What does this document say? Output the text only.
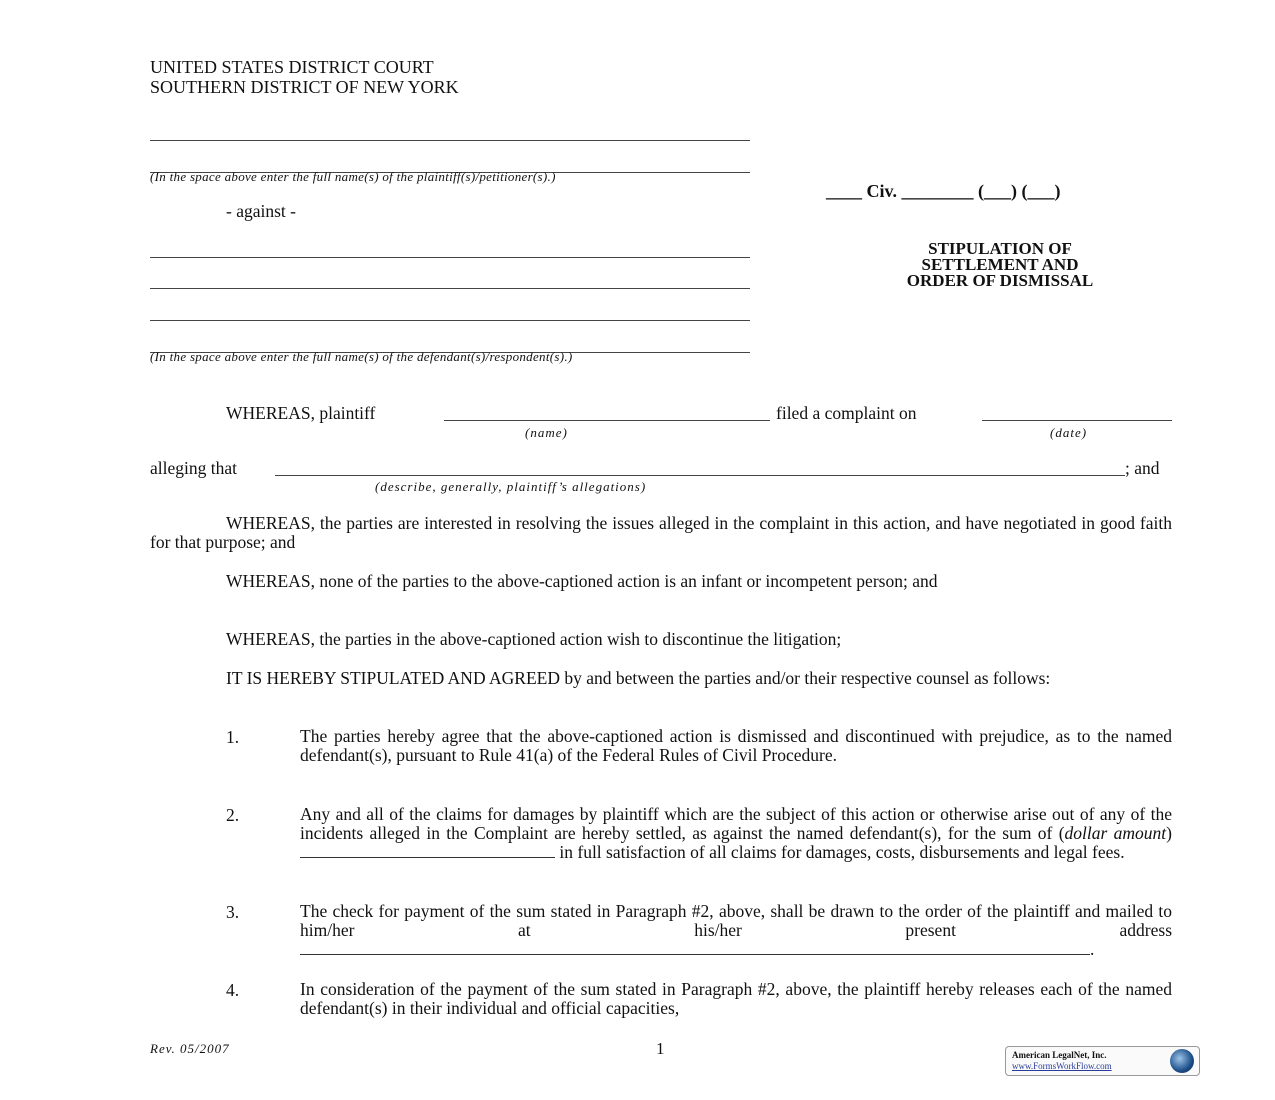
UNITED STATES DISTRICT COURT
SOUTHERN DISTRICT OF NEW YORK
(In the space above enter the full name(s) of the plaintiff(s)/petitioner(s).)
- against -
(In the space above enter the full name(s) of the defendant(s)/respondent(s).)
____ Civ. ________ (___) (___)
STIPULATION OF
SETTLEMENT AND
ORDER OF DISMISSAL
WHEREAS, plaintiff	filed a complaint on
(name)	(date)
alleging that	; and
(describe, generally, plaintiff’s allegations)
WHEREAS, the parties are interested in resolving the issues alleged in the complaint in this action, and have negotiated in good faith for that purpose; and
WHEREAS, none of the parties to the above-captioned action is an infant or incompetent person; and
WHEREAS, the parties in the above-captioned action wish to discontinue the litigation;
IT IS HEREBY STIPULATED AND AGREED by and between the parties and/or their respective counsel as follows:
1.	The parties hereby agree that the above-captioned action is dismissed and discontinued with prejudice, as to the named defendant(s), pursuant to Rule 41(a) of the Federal Rules of Civil Procedure.
2.	Any and all of the claims for damages by plaintiff which are the subject of this action or otherwise arise out of any of the incidents alleged in the Complaint are hereby settled, as against the named defendant(s), for the sum of (dollar amount)  in full satisfaction of all claims for damages, costs, disbursements and legal fees.
3.	The check for payment of the sum stated in Paragraph #2, above, shall be drawn to the order of the plaintiff and mailed to him/her at his/her present	address.
4.	In consideration of the payment of the sum stated in Paragraph #2, above, the plaintiff hereby releases each of the named defendant(s) in their individual and official capacities,
Rev. 05/2007	1	American LegalNet, Inc.
www.FormsWorkFlow.com
